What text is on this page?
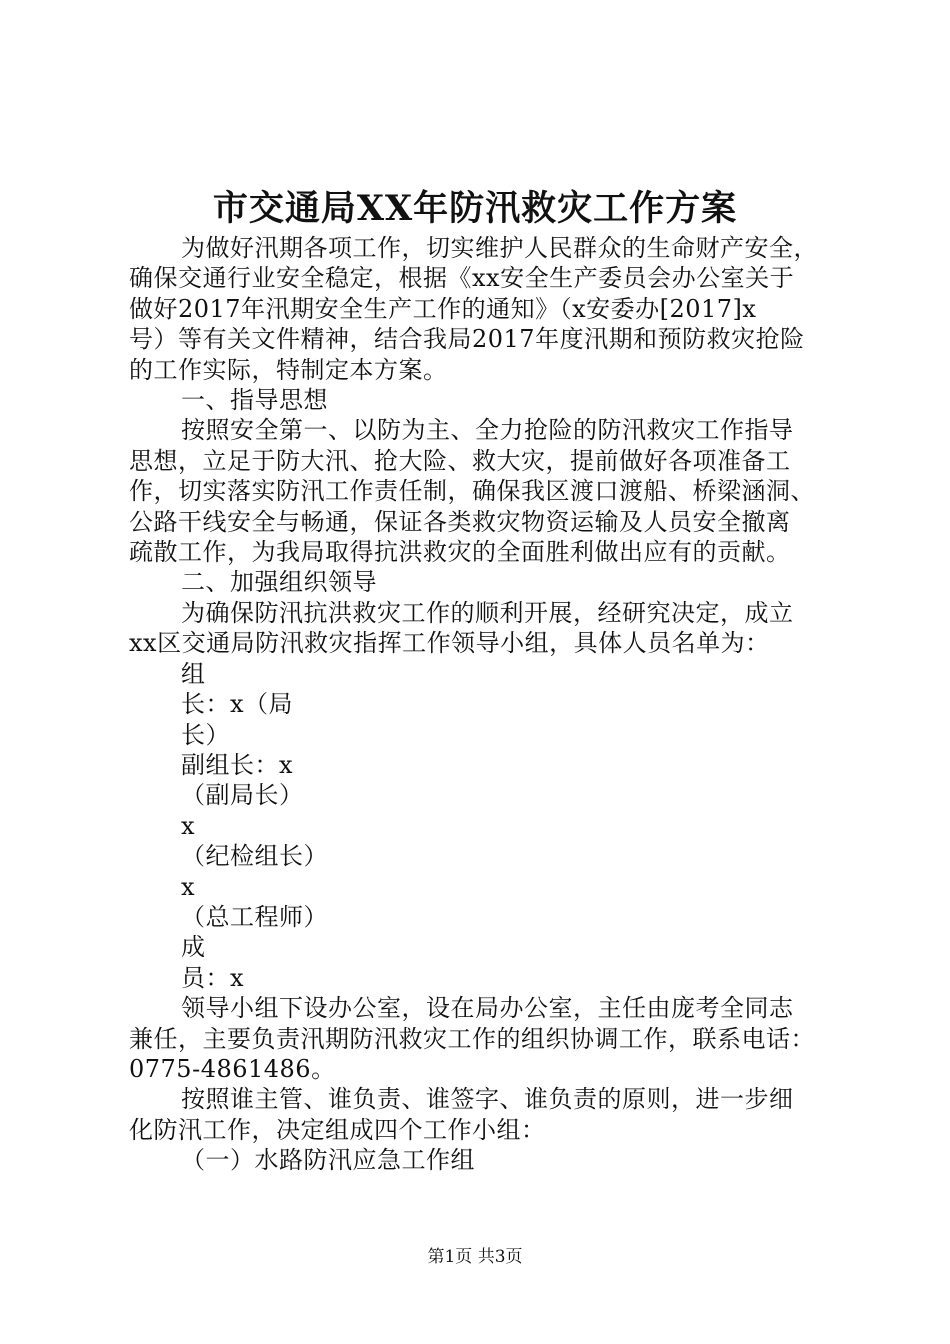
市交通局XX年防汛救灾工作方案

为做好汛期各项工作，切实维护人民群众的生命财产安全，

确保交通行业安全稳定，根据《xx安全生产委员会办公室关于

做好2017年汛期安全生产工作的通知》（x安委办[2017]x

号）等有关文件精神，结合我局2017年度汛期和预防救灾抢险

的工作实际，特制定本方案。

一、指导思想

按照安全第一、以防为主、全力抢险的防汛救灾工作指导

思想，立足于防大汛、抢大险、救大灾，提前做好各项准备工

作，切实落实防汛工作责任制，确保我区渡口渡船、桥梁涵洞、

公路干线安全与畅通，保证各类救灾物资运输及人员安全撤离

疏散工作，为我局取得抗洪救灾的全面胜利做出应有的贡献。

二、加强组织领导

为确保防汛抗洪救灾工作的顺利开展，经研究决定，成立

xx区交通局防汛救灾指挥工作领导小组，具体人员名单为：

组

长：x（局

长）

副组长：x

（副局长）

x

（纪检组长）

x

（总工程师）

成

员：x

领导小组下设办公室，设在局办公室，主任由庞考全同志

兼任，主要负责汛期防汛救灾工作的组织协调工作，联系电话：

0775-4861486。

按照谁主管、谁负责、谁签字、谁负责的原则，进一步细

化防汛工作，决定组成四个工作小组：

（一）水路防汛应急工作组

第1页 共3页
